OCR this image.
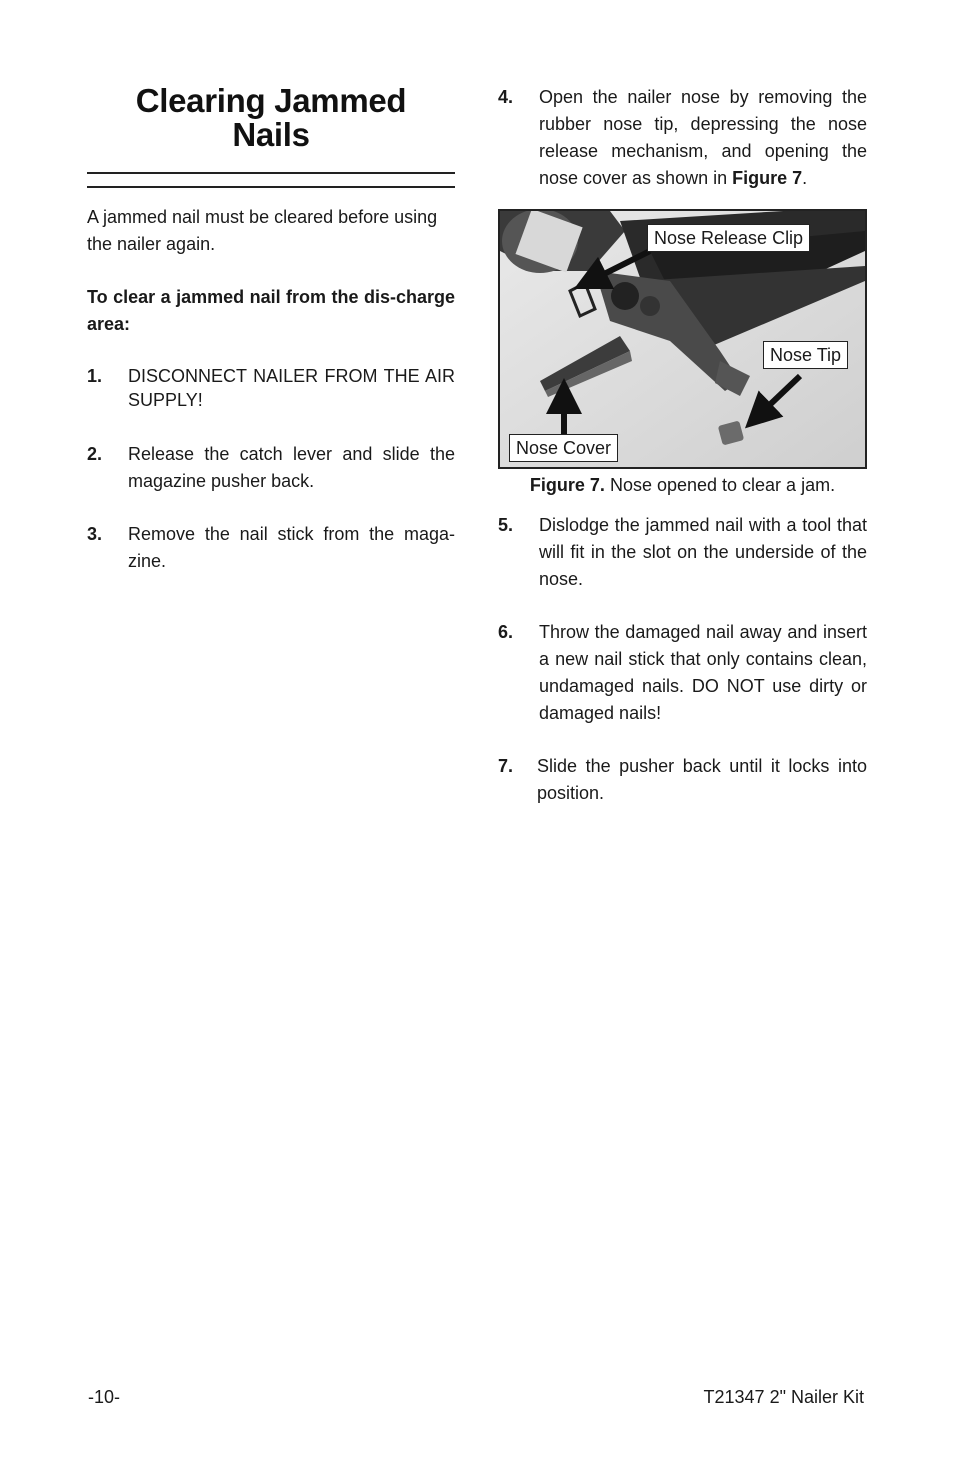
Clearing Jammed
Nails

A jammed nail must be cleared before using the nailer again.

To clear a jammed nail from the dis-charge area:

1.	DISCONNECT NAILER FROM THE AIR SUPPLY!
2.	Release the catch lever and slide the magazine pusher back.
3.	Remove the nail stick from the maga-zine.
4.	Open the nailer nose by removing the rubber nose tip, depressing the nose release mechanism, and opening the nose cover as shown in Figure 7.
Nose Release Clip
Nose Tip
Nose Cover
Figure 7. Nose opened to clear a jam.
5.	Dislodge the jammed nail with a tool that will fit in the slot on the underside of the nose.
6.	Throw the damaged nail away and insert a new nail stick that only contains clean, undamaged nails. DO NOT use dirty or damaged nails!
7.	Slide the pusher back until it locks into position.
-10-	T21347 2" Nailer Kit
